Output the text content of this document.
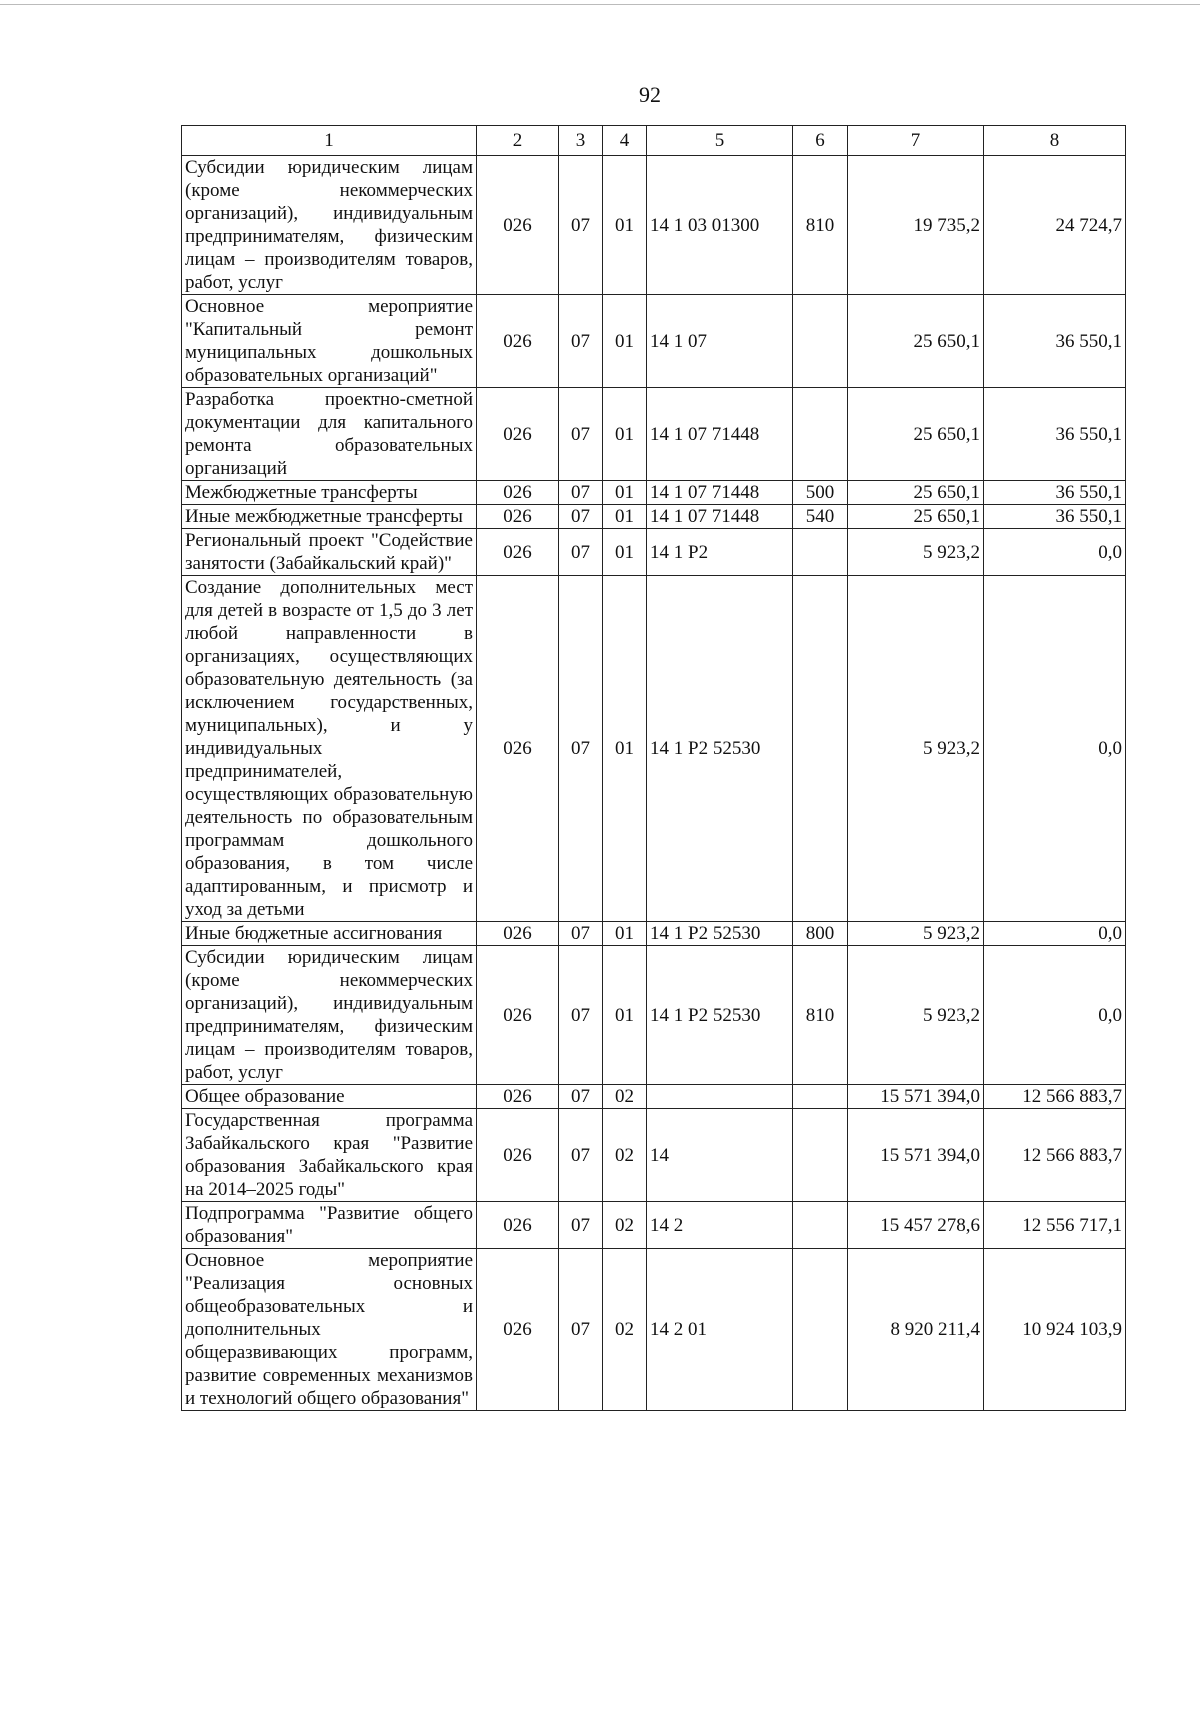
92
1	2	3	4	5	6	7	8
Субсидии юридическим лицам (кроме некоммерческих организаций), индивидуальным предпринимателям, физическим лицам – производителям товаров, работ, услуг	026	07	01	14 1 03 01300	810	19 735,2	24 724,7
Основное мероприятие "Капитальный ремонт муниципальных дошкольных образовательных организаций"	026	07	01	14 1 07		25 650,1	36 550,1
Разработка проектно-сметной документации для капитального ремонта образовательных организаций	026	07	01	14 1 07 71448		25 650,1	36 550,1
Межбюджетные трансферты	026	07	01	14 1 07 71448	500	25 650,1	36 550,1
Иные межбюджетные трансферты	026	07	01	14 1 07 71448	540	25 650,1	36 550,1
Региональный проект "Содействие занятости (Забайкальский край)"	026	07	01	14 1 P2		5 923,2	0,0
Создание дополнительных мест для детей в возрасте от 1,5 до 3 лет любой направленности в организациях, осуществляющих образовательную деятельность (за исключением государственных, муниципальных), и у индивидуальных предпринимателей, осуществляющих образовательную деятельность по образовательным программам дошкольного образования, в том числе адаптированным, и присмотр и уход за детьми	026	07	01	14 1 P2 52530		5 923,2	0,0
Иные бюджетные ассигнования	026	07	01	14 1 P2 52530	800	5 923,2	0,0
Субсидии юридическим лицам (кроме некоммерческих организаций), индивидуальным предпринимателям, физическим лицам – производителям товаров, работ, услуг	026	07	01	14 1 P2 52530	810	5 923,2	0,0
Общее образование	026	07	02			15 571 394,0	12 566 883,7
Государственная программа Забайкальского края "Развитие образования Забайкальского края на 2014–2025 годы"	026	07	02	14		15 571 394,0	12 566 883,7
Подпрограмма "Развитие общего образования"	026	07	02	14 2		15 457 278,6	12 556 717,1
Основное мероприятие "Реализация основных общеобразовательных и дополнительных общеразвивающих программ, развитие современных механизмов и технологий общего образования"	026	07	02	14 2 01		8 920 211,4	10 924 103,9
